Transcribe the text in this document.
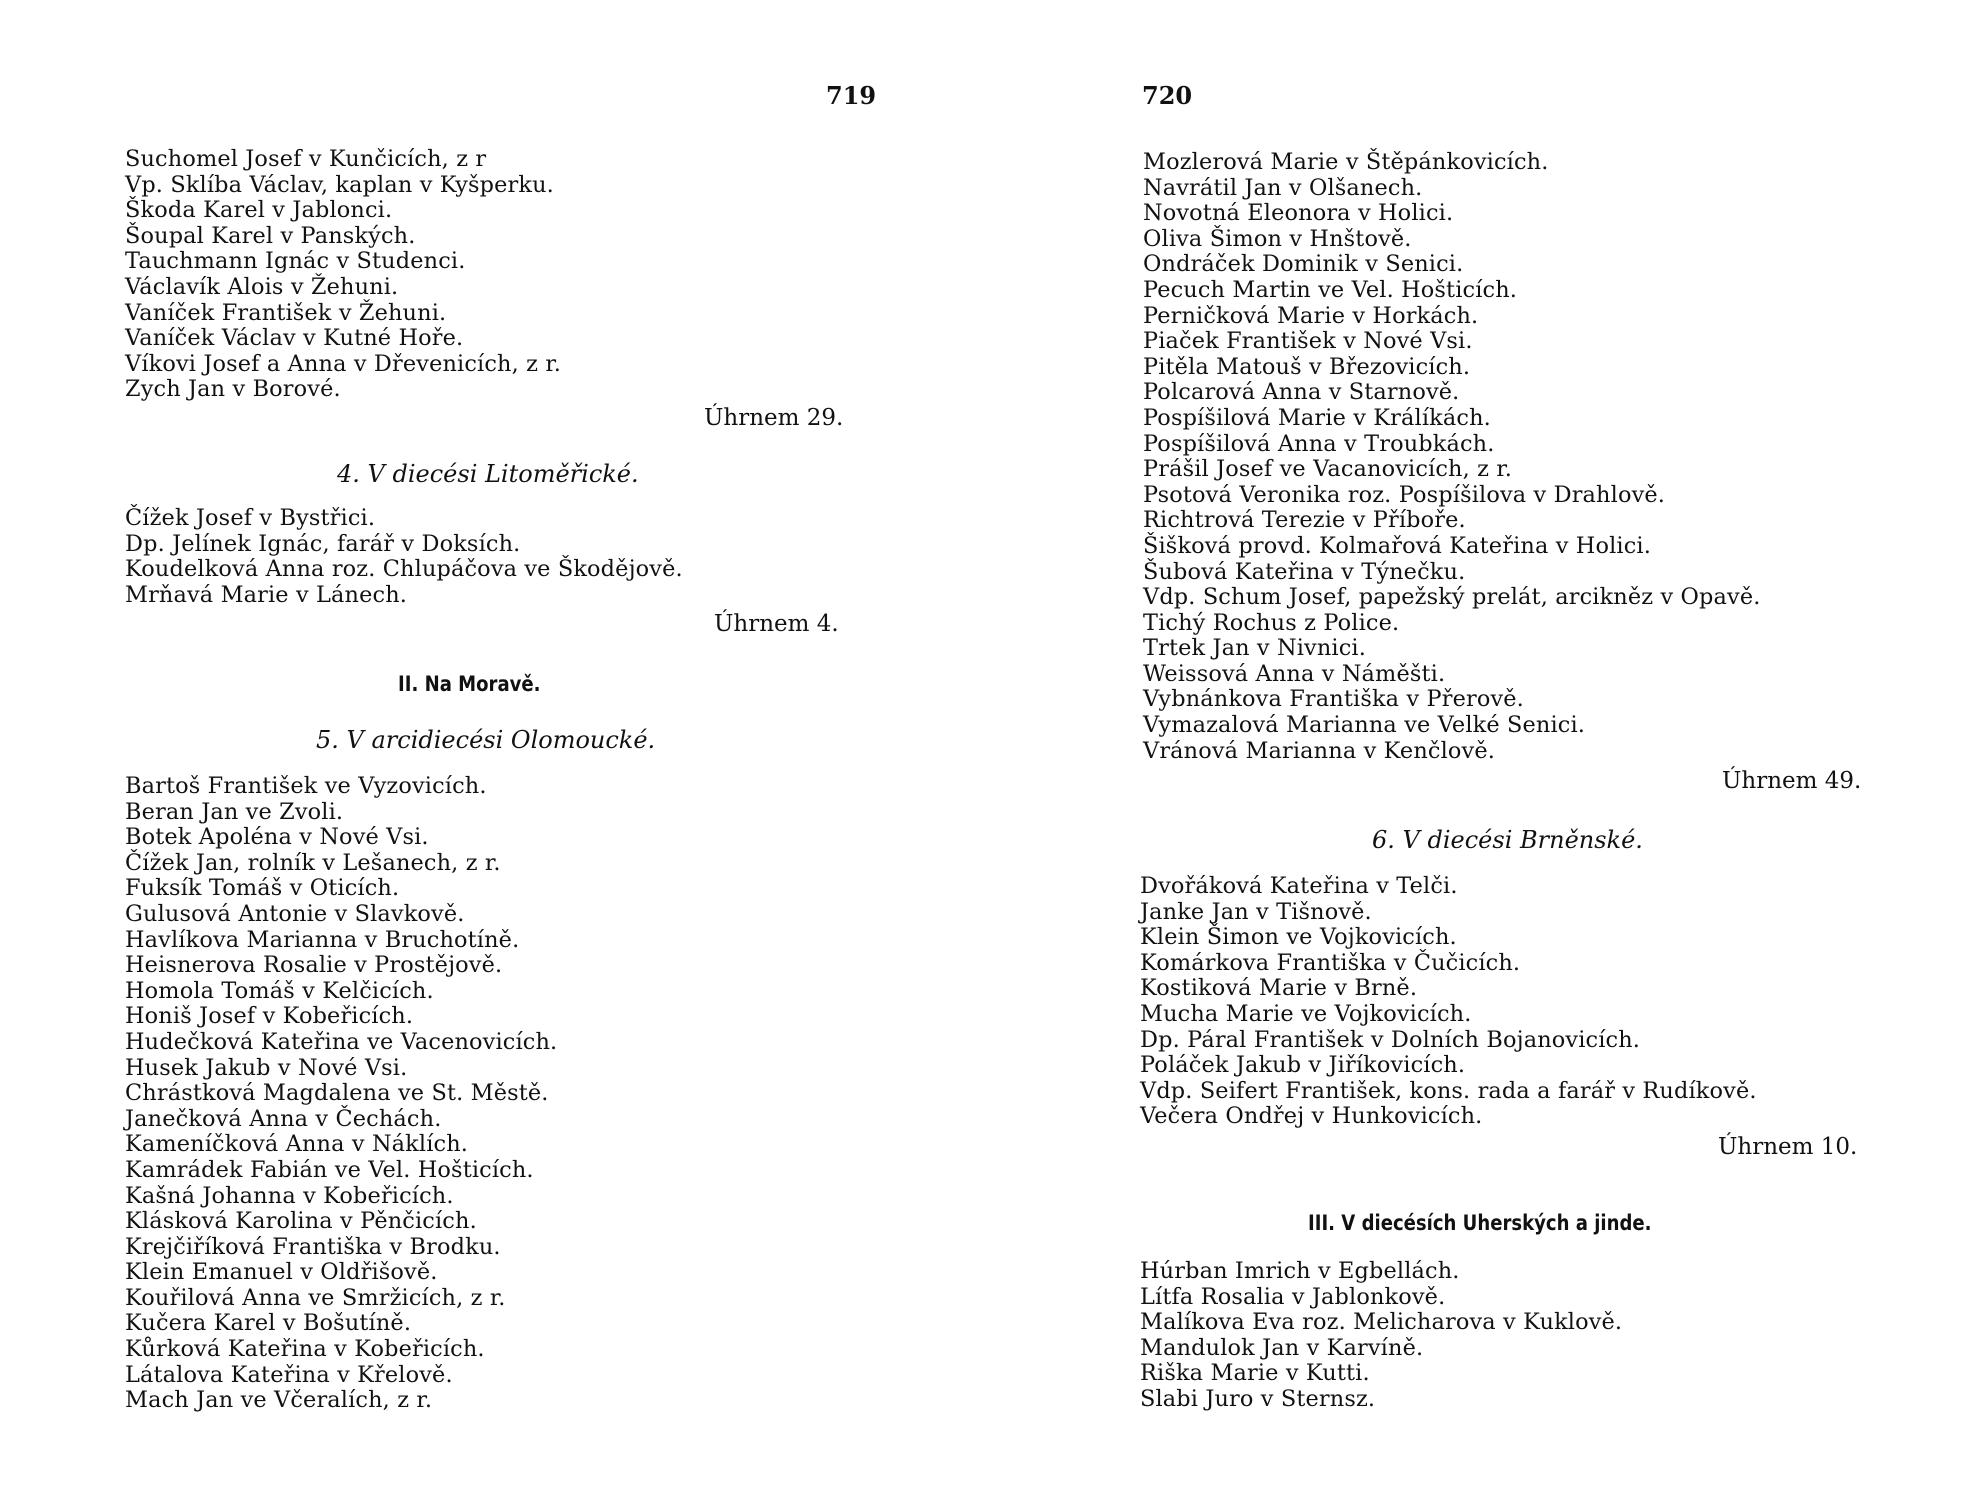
719
Suchomel Josef v Kunčicích, z r
Vp. Sklíba Václav, kaplan v Kyšperku.
Škoda Karel v Jablonci.
Šoupal Karel v Panských.
Tauchmann Ignác v Studenci.
Václavík Alois v Žehuni.
Vaníček František v Žehuni.
Vaníček Václav v Kutné Hoře.
Víkovi Josef a Anna v Dřevenicích, z r.
Zych Jan v Borové.

Úhrnem 29.

4. V diecési Litoměřické.
Čížek Josef v Bystřici.
Dp. Jelínek Ignác, farář v Doksích.
Koudelková Anna roz. Chlupáčova ve Škodějově.
Mrňavá Marie v Lánech.

Úhrnem 4.

II. Na Moravě.
5. V arcidiecési Olomoucké.
Bartoš František ve Vyzovicích.
Beran Jan ve Zvoli.
Botek Apoléna v Nové Vsi.
Čížek Jan, rolník v Lešanech, z r.
Fuksík Tomáš v Oticích.
Gulusová Antonie v Slavkově.
Havlíkova Marianna v Bruchotíně.
Heisnerova Rosalie v Prostějově.
Homola Tomáš v Kelčicích.
Honiš Josef v Kobeřicích.
Hudečková Kateřina ve Vacenovicích.
Husek Jakub v Nové Vsi.
Chrástková Magdalena ve St. Městě.
Janečková Anna v Čechách.
Kameníčková Anna v Náklích.
Kamrádek Fabián ve Vel. Hošticích.
Kašná Johanna v Kobeřicích.
Klásková Karolina v Pěnčicích.
Krejčiříková Františka v Brodku.
Klein Emanuel v Oldřišově.
Kouřilová Anna ve Smržicích, z r.
Kučera Karel v Bošutíně.
Kůrková Kateřina v Kobeřicích.
Látalova Kateřina v Křelově.
Mach Jan ve Včeralích, z r.
720
Mozlerová Marie v Štěpánkovicích.
Navrátil Jan v Olšanech.
Novotná Eleonora v Holici.
Oliva Šimon v Hnštově.
Ondráček Dominik v Senici.
Pecuch Martin ve Vel. Hošticích.
Perničková Marie v Horkách.
Piaček František v Nové Vsi.
Pitěla Matouš v Březovicích.
Polcarová Anna v Starnově.
Pospíšilová Marie v Králíkách.
Pospíšilová Anna v Troubkách.
Prášil Josef ve Vacanovicích, z r.
Psotová Veronika roz. Pospíšilova v Drahlově.
Richtrová Terezie v Příboře.
Šišková provd. Kolmařová Kateřina v Holici.
Šubová Kateřina v Týnečku.
Vdp. Schum Josef, papežský prelát, arcikněz v Opavě.
Tichý Rochus z Police.
Trtek Jan v Nivnici.
Weissová Anna v Náměšti.
Vybnánkova Františka v Přerově.
Vymazalová Marianna ve Velké Senici.
Vránová Marianna v Kenčlově.

Úhrnem 49.

6. V diecési Brněnské.
Dvořáková Kateřina v Telči.
Janke Jan v Tišnově.
Klein Šimon ve Vojkovicích.
Komárkova Františka v Čučicích.
Kostiková Marie v Brně.
Mucha Marie ve Vojkovicích.
Dp. Páral František v Dolních Bojanovicích.
Poláček Jakub v Jiříkovicích.
Vdp. Seifert František, kons. rada a farář v Rudíkově.
Večera Ondřej v Hunkovicích.

Úhrnem 10.

III. V diecésích Uherských a jinde.
Húrban Imrich v Egbellách.
Lítfa Rosalia v Jablonkově.
Malíkova Eva roz. Melicharova v Kuklově.
Mandulok Jan v Karvíně.
Riška Marie v Kutti.
Slabi Juro v Sternsz.
